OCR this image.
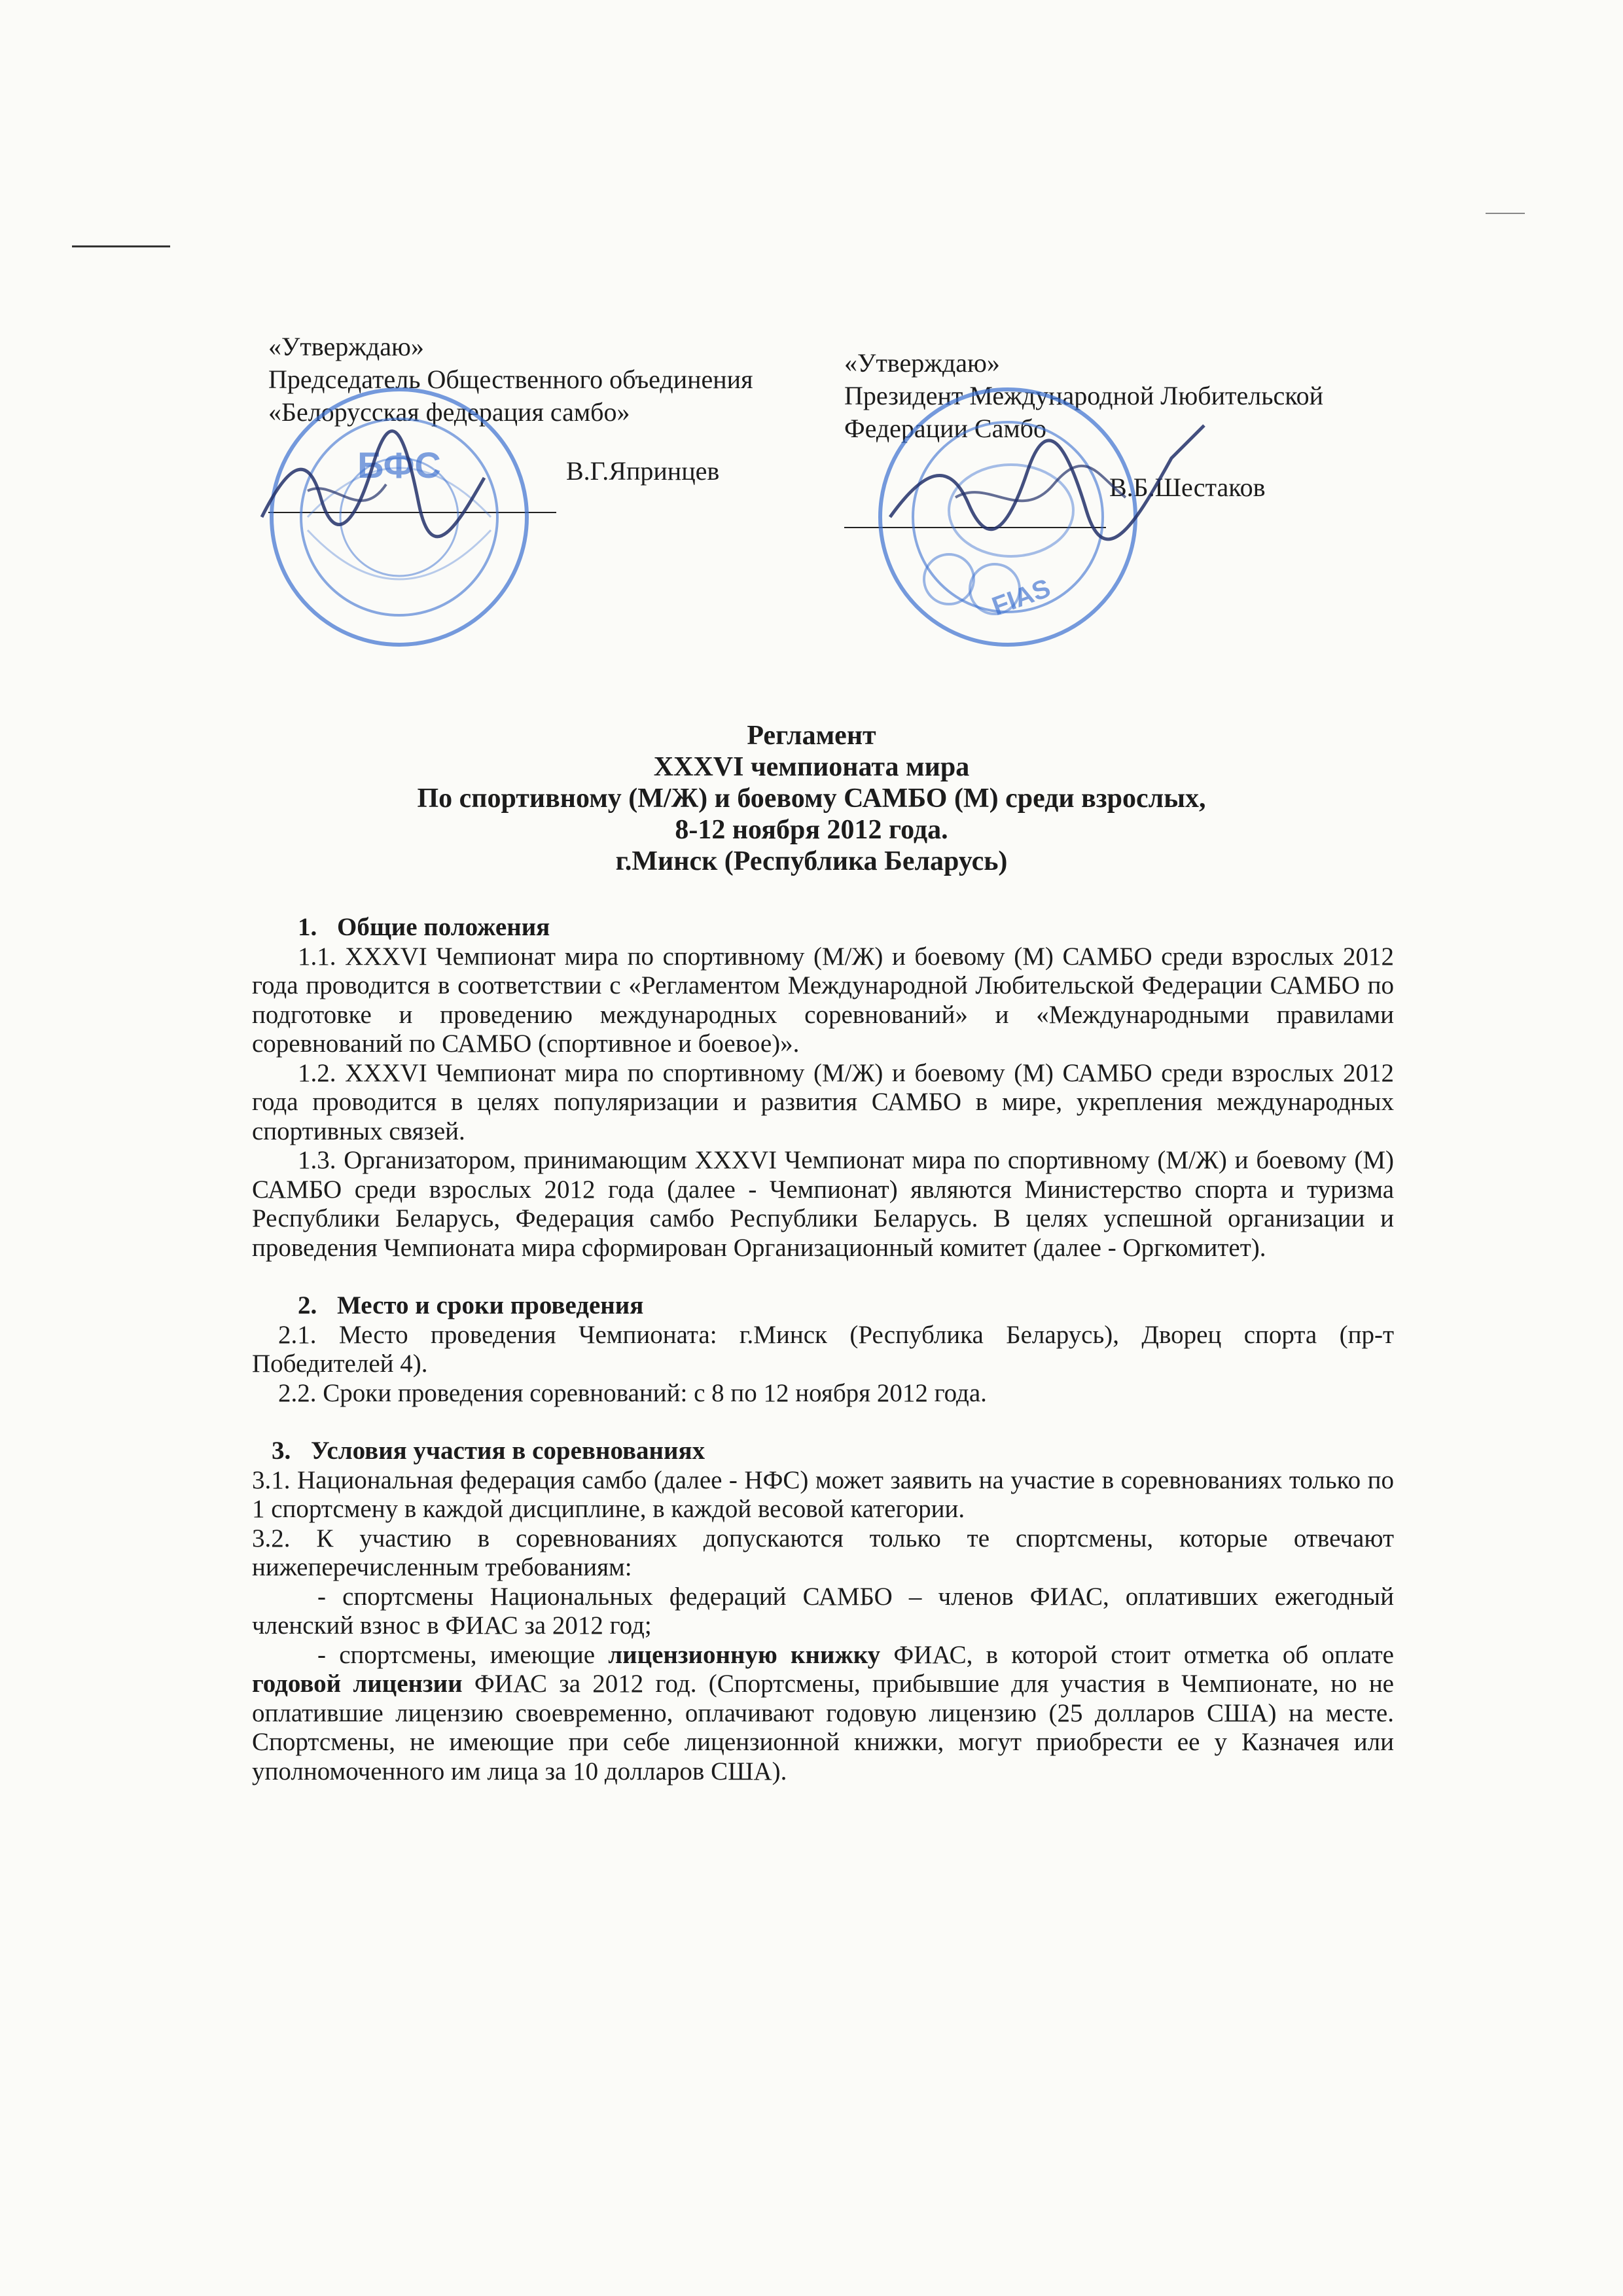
«Утверждаю»
Председатель Общественного объединения
«Белорусская федерация самбо»

В.Г.Япринцев
БФС
«Утверждаю»
Президент Международной Любительской
Федерации Самбо

В.Б.Шестаков
FIAS
Регламент
XXXVI чемпионата мира
По спортивному (М/Ж) и боевому САМБО (М) среди взрослых,
8-12 ноября 2012 года.
г.Минск (Республика Беларусь)
1. Общие положения

1.1. XXXVI Чемпионат мира по спортивному (М/Ж) и боевому (М) САМБО среди взрослых 2012 года проводится в соответствии с «Регламентом Международной Любительской Федерации САМБО по подготовке и проведению международных соревнований» и «Международными правилами соревнований по САМБО (спортивное и боевое)».

1.2. XXXVI Чемпионат мира по спортивному (М/Ж) и боевому (М) САМБО среди взрослых 2012 года проводится в целях популяризации и развития САМБО в мире, укрепления международных спортивных связей.

1.3. Организатором, принимающим XXXVI Чемпионат мира по спортивному (М/Ж) и боевому (М) САМБО среди взрослых 2012 года (далее - Чемпионат) являются Министерство спорта и туризма Республики Беларусь, Федерация самбо Республики Беларусь. В целях успешной организации и проведения Чемпионата мира сформирован Организационный комитет (далее - Оргкомитет).

2. Место и сроки проведения

2.1. Место проведения Чемпионата: г.Минск (Республика Беларусь), Дворец спорта (пр-т Победителей 4).

2.2. Сроки проведения соревнований: с 8 по 12 ноября 2012 года.

3. Условия участия в соревнованиях

3.1. Национальная федерация самбо (далее - НФС) может заявить на участие в соревнованиях только по 1 спортсмену в каждой дисциплине, в каждой весовой категории.

3.2. К участию в соревнованиях допускаются только те спортсмены, которые отвечают нижеперечисленным требованиям:

- спортсмены Национальных федераций САМБО – членов ФИАС, оплативших ежегодный членский взнос в ФИАС за 2012 год;

- спортсмены, имеющие лицензионную книжку ФИАС, в которой стоит отметка об оплате годовой лицензии ФИАС за 2012 год. (Спортсмены, прибывшие для участия в Чемпионате, но не оплатившие лицензию своевременно, оплачивают годовую лицензию (25 долларов США) на месте. Спортсмены, не имеющие при себе лицензионной книжки, могут приобрести ее у Казначея или уполномоченного им лица за 10 долларов США).
